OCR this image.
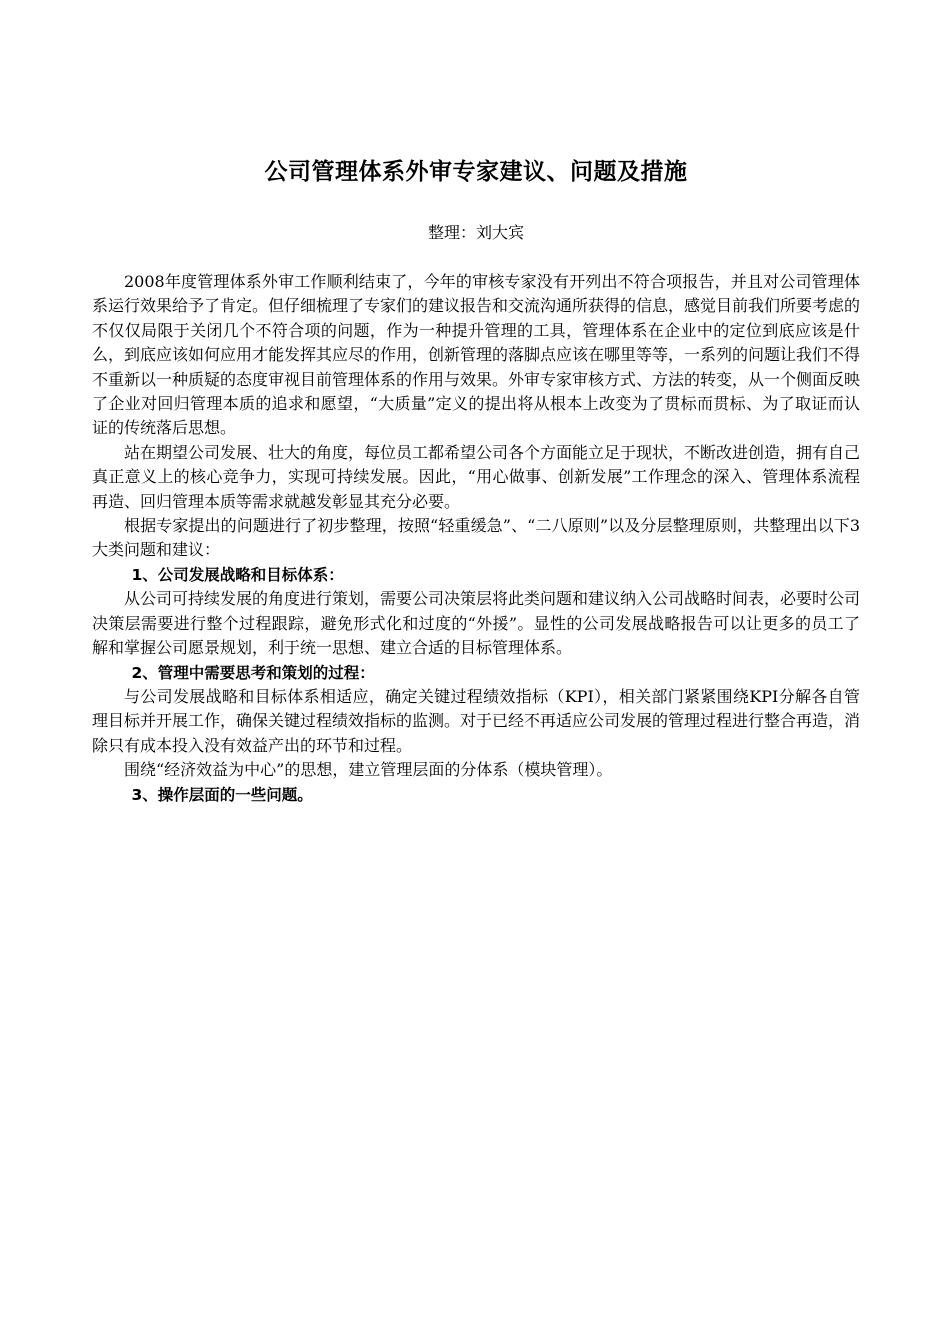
公司管理体系外审专家建议、问题及措施
整理：刘大宾

2008年度管理体系外审工作顺利结束了，今年的审核专家没有开列出不符合项报告，并且对公司管理体系运行效果给予了肯定。但仔细梳理了专家们的建议报告和交流沟通所获得的信息，感觉目前我们所要考虑的不仅仅局限于关闭几个不符合项的问题，作为一种提升管理的工具，管理体系在企业中的定位到底应该是什么，到底应该如何应用才能发挥其应尽的作用，创新管理的落脚点应该在哪里等等，一系列的问题让我们不得不重新以一种质疑的态度审视目前管理体系的作用与效果。外审专家审核方式、方法的转变，从一个侧面反映了企业对回归管理本质的追求和愿望，“大质量”定义的提出将从根本上改变为了贯标而贯标、为了取证而认证的传统落后思想。

站在期望公司发展、壮大的角度，每位员工都希望公司各个方面能立足于现状，不断改进创造，拥有自己真正意义上的核心竞争力，实现可持续发展。因此，“用心做事、创新发展”工作理念的深入、管理体系流程再造、回归管理本质等需求就越发彰显其充分必要。

根据专家提出的问题进行了初步整理，按照“轻重缓急”、“二八原则”以及分层整理原则，共整理出以下3大类问题和建议：

1、公司发展战略和目标体系：

从公司可持续发展的角度进行策划，需要公司决策层将此类问题和建议纳入公司战略时间表，必要时公司决策层需要进行整个过程跟踪，避免形式化和过度的“外援”。显性的公司发展战略报告可以让更多的员工了解和掌握公司愿景规划，利于统一思想、建立合适的目标管理体系。

2、管理中需要思考和策划的过程：

与公司发展战略和目标体系相适应，确定关键过程绩效指标（KPI），相关部门紧紧围绕KPI分解各自管理目标并开展工作，确保关键过程绩效指标的监测。对于已经不再适应公司发展的管理过程进行整合再造，消除只有成本投入没有效益产出的环节和过程。

围绕“经济效益为中心”的思想，建立管理层面的分体系（模块管理）。

3、操作层面的一些问题。
